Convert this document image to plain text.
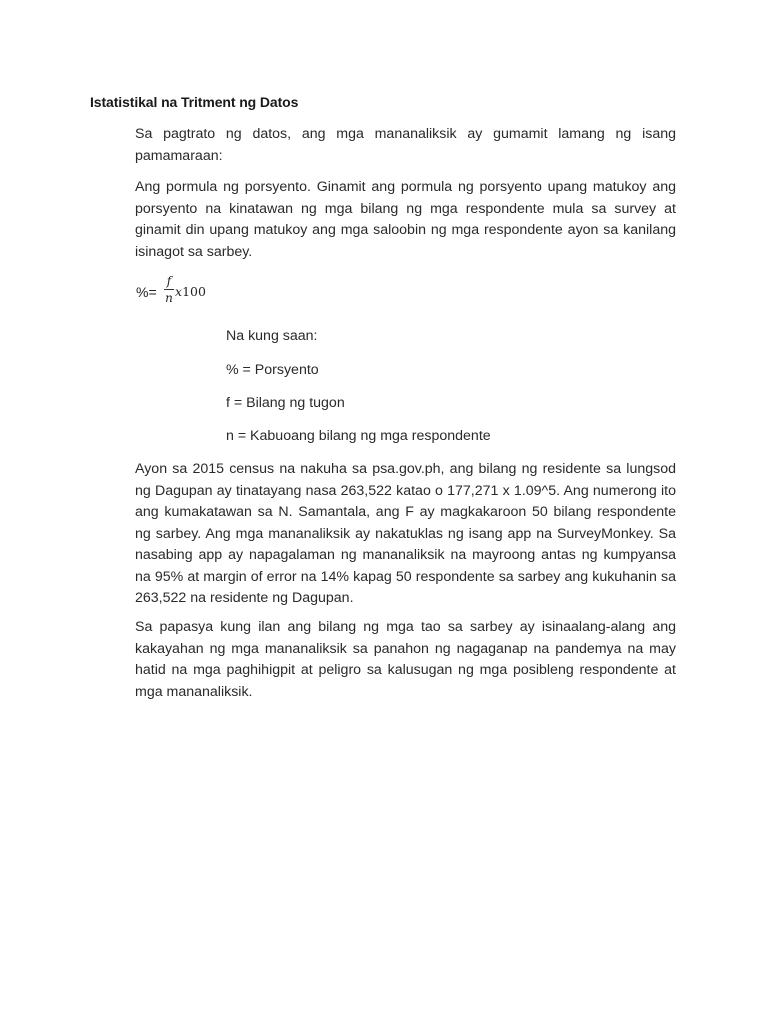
Istatistikal na Tritment ng Datos
Sa pagtrato ng datos, ang mga mananaliksik ay gumamit lamang ng isang pamamaraan:
Ang pormula ng porsyento. Ginamit ang pormula ng porsyento upang matukoy ang porsyento na kinatawan ng mga bilang ng mga respondente mula sa survey at ginamit din upang matukoy ang mga saloobin ng mga respondente ayon sa kanilang isinagot sa sarbey.
%=
f
n x100
Na kung saan:
% = Porsyento
f = Bilang ng tugon
n = Kabuoang bilang ng mga respondente
Ayon sa 2015 census na nakuha sa psa.gov.ph, ang bilang ng residente sa lungsod ng Dagupan ay tinatayang nasa 263,522 katao o 177,271 x 1.09^5. Ang numerong ito ang kumakatawan sa N. Samantala, ang F ay magkakaroon 50 bilang respondente ng sarbey. Ang mga mananaliksik ay nakatuklas ng isang app na SurveyMonkey. Sa nasabing app ay napagalaman ng mananaliksik na mayroong antas ng kumpyansa na 95% at margin of error na 14% kapag 50 respondente sa sarbey ang kukuhanin sa 263,522 na residente ng Dagupan.
Sa papasya kung ilan ang bilang ng mga tao sa sarbey ay isinaalang-alang ang kakayahan ng mga mananaliksik sa panahon ng nagaganap na pandemya na may hatid na mga paghihigpit at peligro sa kalusugan ng mga posibleng respondente at mga mananaliksik.
